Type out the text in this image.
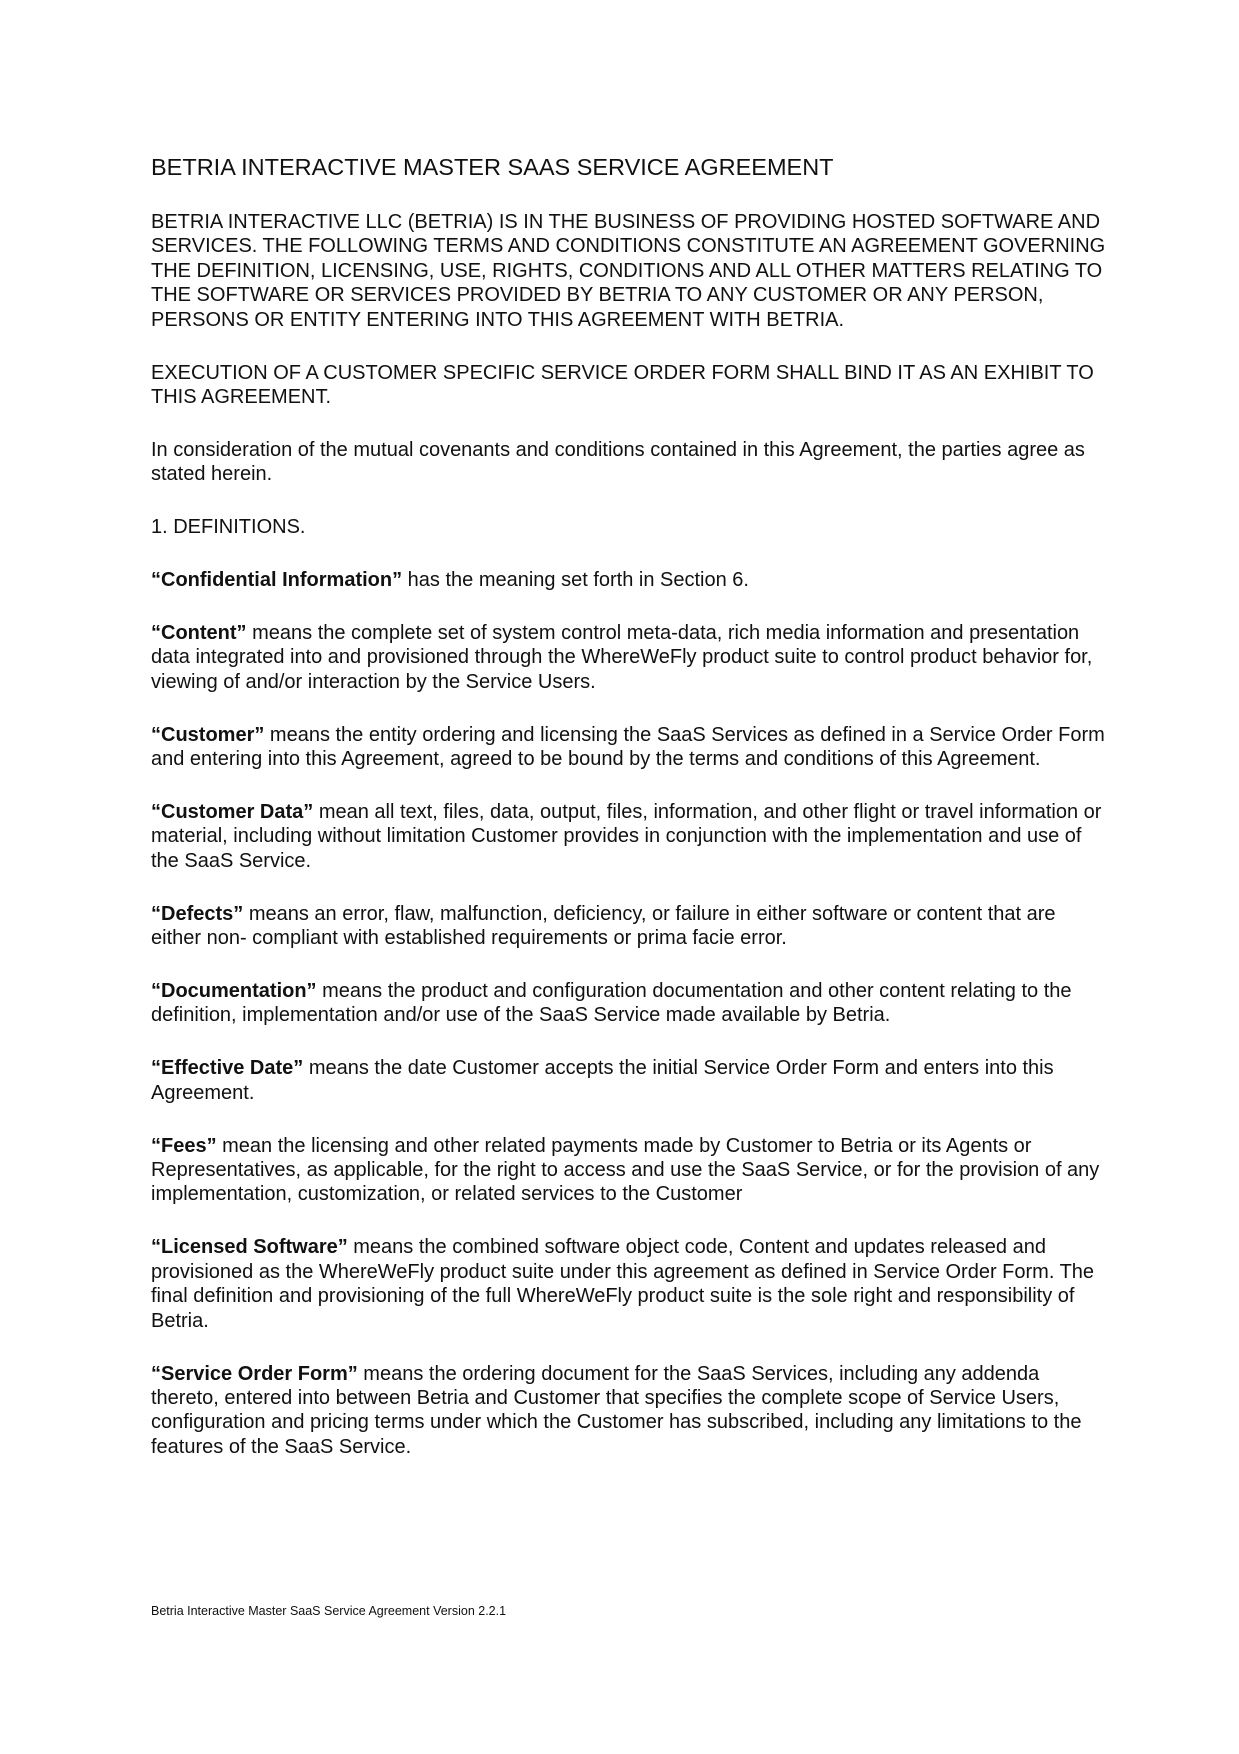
BETRIA INTERACTIVE MASTER SAAS SERVICE AGREEMENT

BETRIA INTERACTIVE LLC (BETRIA) IS IN THE BUSINESS OF PROVIDING HOSTED SOFTWARE AND SERVICES. THE FOLLOWING TERMS AND CONDITIONS CONSTITUTE AN AGREEMENT GOVERNING THE DEFINITION, LICENSING, USE, RIGHTS, CONDITIONS AND ALL OTHER MATTERS RELATING TO THE SOFTWARE OR SERVICES PROVIDED BY BETRIA TO ANY CUSTOMER OR ANY PERSON, PERSONS OR ENTITY ENTERING INTO THIS AGREEMENT WITH BETRIA.

EXECUTION OF A CUSTOMER SPECIFIC SERVICE ORDER FORM SHALL BIND IT AS AN EXHIBIT TO THIS AGREEMENT.

In consideration of the mutual covenants and conditions contained in this Agreement, the parties agree as stated herein.

1. DEFINITIONS.

“Confidential Information” has the meaning set forth in Section 6.

“Content” means the complete set of system control meta-data, rich media information and presentation data integrated into and provisioned through the WhereWeFly product suite to control product behavior for, viewing of and/or interaction by the Service Users.

“Customer” means the entity ordering and licensing the SaaS Services as defined in a Service Order Form and entering into this Agreement, agreed to be bound by the terms and conditions of this Agreement.

“Customer Data” mean all text, files, data, output, files, information, and other flight or travel information or material, including without limitation Customer provides in conjunction with the implementation and use of the SaaS Service.

“Defects” means an error, flaw, malfunction, deficiency, or failure in either software or content that are either non- compliant with established requirements or prima facie error.

“Documentation” means the product and configuration documentation and other content relating to the definition, implementation and/or use of the SaaS Service made available by Betria.

“Effective Date” means the date Customer accepts the initial Service Order Form and enters into this Agreement.

“Fees” mean the licensing and other related payments made by Customer to Betria or its Agents or Representatives, as applicable, for the right to access and use the SaaS Service, or for the provision of any implementation, customization, or related services to the Customer

“Licensed Software” means the combined software object code, Content and updates released and provisioned as the WhereWeFly product suite under this agreement as defined in Service Order Form. The final definition and provisioning of the full WhereWeFly product suite is the sole right and responsibility of Betria.

“Service Order Form” means the ordering document for the SaaS Services, including any addenda thereto, entered into between Betria and Customer that specifies the complete scope of Service Users, configuration and pricing terms under which the Customer has subscribed, including any limitations to the features of the SaaS Service.

Betria Interactive Master SaaS Service Agreement Version 2.2.1
